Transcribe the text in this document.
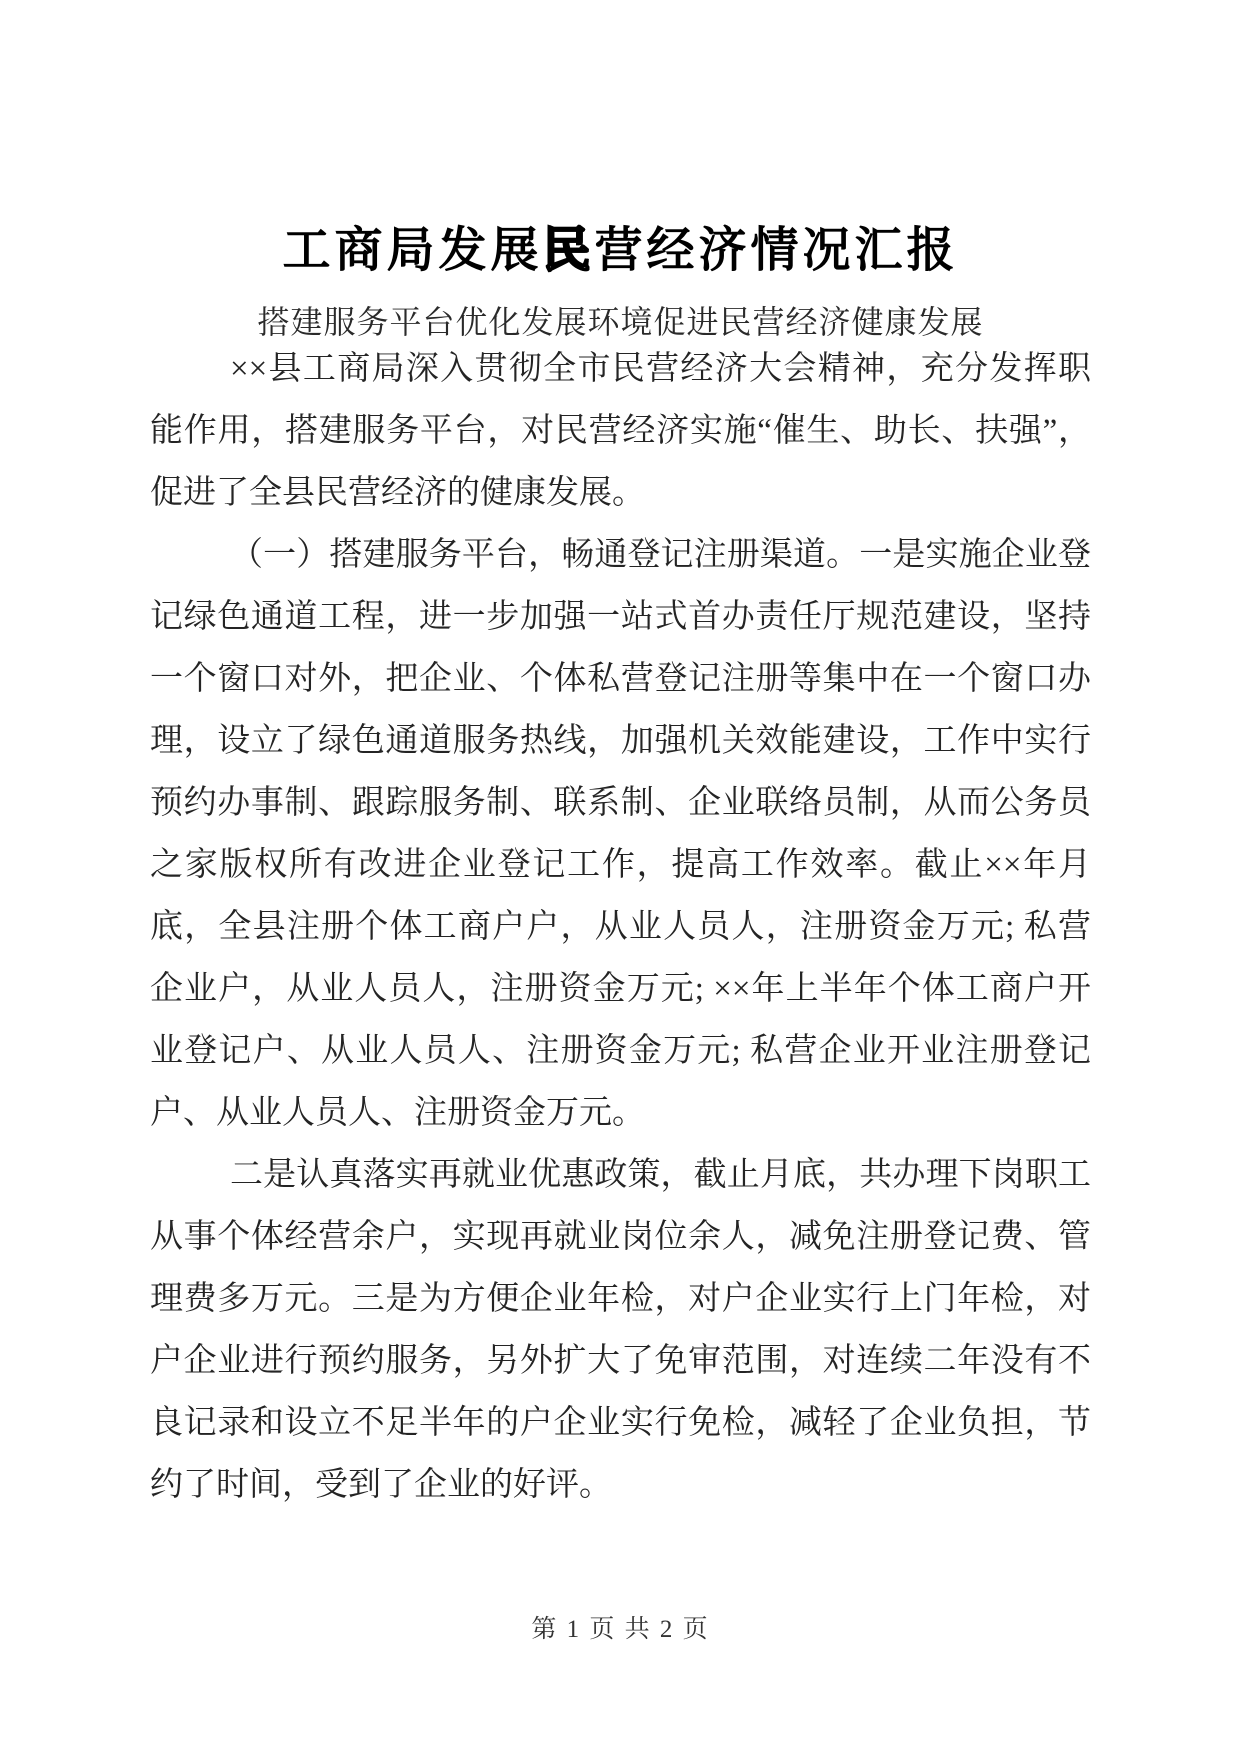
工商局发展民营经济情况汇报
搭建服务平台优化发展环境促进民营经济健康发展

××县工商局深入贯彻全市民营经济大会精神，充分发挥职能作用，搭建服务平台，对民营经济实施“催生、助长、扶强”，促进了全县民营经济的健康发展。

（一）搭建服务平台，畅通登记注册渠道。一是实施企业登记绿色通道工程，进一步加强一站式首办责任厅规范建设，坚持一个窗口对外，把企业、个体私营登记注册等集中在一个窗口办理，设立了绿色通道服务热线，加强机关效能建设，工作中实行预约办事制、跟踪服务制、联系制、企业联络员制，从而公务员之家版权所有改进企业登记工作，提高工作效率。截止××年月底，全县注册个体工商户户，从业人员人，注册资金万元; 私营企业户，从业人员人，注册资金万元; ××年上半年个体工商户开业登记户、从业人员人、注册资金万元; 私营企业开业注册登记户、从业人员人、注册资金万元。

二是认真落实再就业优惠政策，截止月底，共办理下岗职工从事个体经营余户，实现再就业岗位余人，减免注册登记费、管理费多万元。三是为方便企业年检，对户企业实行上门年检，对户企业进行预约服务，另外扩大了免审范围，对连续二年没有不良记录和设立不足半年的户企业实行免检，减轻了企业负担，节约了时间，受到了企业的好评。

第 1 页 共 2 页
